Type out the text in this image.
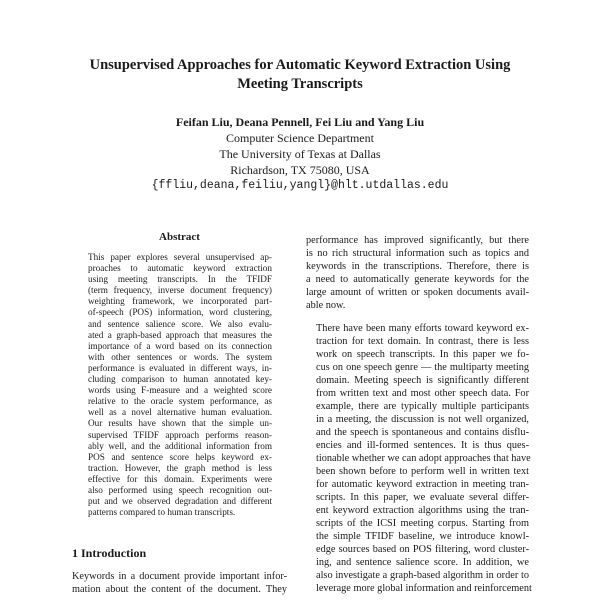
Unsupervised Approaches for Automatic Keyword Extraction Using
Meeting Transcripts
Feifan Liu, Deana Pennell, Fei Liu and Yang Liu
Computer Science Department
The University of Texas at Dallas
Richardson, TX 75080, USA
{ffliu,deana,feiliu,yangl}@hlt.utdallas.edu
Abstract
This paper explores several unsupervised ap-
proaches to automatic keyword extraction
using meeting transcripts. In the TFIDF
(term frequency, inverse document frequency)
weighting framework, we incorporated part-
of-speech (POS) information, word clustering,
and sentence salience score. We also evalu-
ated a graph-based approach that measures the
importance of a word based on its connection
with other sentences or words. The system
performance is evaluated in different ways, in-
cluding comparison to human annotated key-
words using F-measure and a weighted score
relative to the oracle system performance, as
well as a novel alternative human evaluation.
Our results have shown that the simple un-
supervised TFIDF approach performs reason-
ably well, and the additional information from
POS and sentence score helps keyword ex-
traction. However, the graph method is less
effective for this domain. Experiments were
also performed using speech recognition out-
put and we observed degradation and different
patterns compared to human transcripts.
1 Introduction
Keywords in a document provide important infor-
mation about the content of the document. They
performance has improved significantly, but there
is no rich structural information such as topics and
keywords in the transcriptions. Therefore, there is
a need to automatically generate keywords for the
large amount of written or spoken documents avail-
able now.
There have been many efforts toward keyword ex-
traction for text domain. In contrast, there is less
work on speech transcripts. In this paper we fo-
cus on one speech genre — the multiparty meeting
domain. Meeting speech is significantly different
from written text and most other speech data. For
example, there are typically multiple participants
in a meeting, the discussion is not well organized,
and the speech is spontaneous and contains disflu-
encies and ill-formed sentences. It is thus ques-
tionable whether we can adopt approaches that have
been shown before to perform well in written text
for automatic keyword extraction in meeting tran-
scripts. In this paper, we evaluate several differ-
ent keyword extraction algorithms using the tran-
scripts of the ICSI meeting corpus. Starting from
the simple TFIDF baseline, we introduce knowl-
edge sources based on POS filtering, word cluster-
ing, and sentence salience score. In addition, we
also investigate a graph-based algorithm in order to
leverage more global information and reinforcement
